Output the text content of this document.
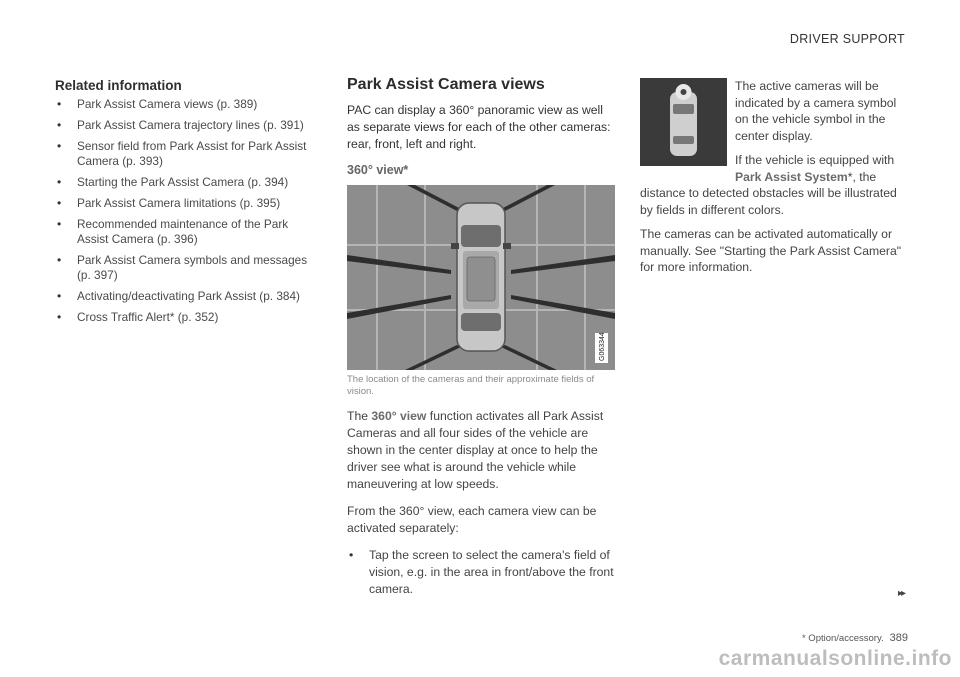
DRIVER SUPPORT
Related information
• Park Assist Camera views (p. 389)
• Park Assist Camera trajectory lines (p. 391)
• Sensor field from Park Assist for Park Assist Camera (p. 393)
• Starting the Park Assist Camera (p. 394)
• Park Assist Camera limitations (p. 395)
• Recommended maintenance of the Park Assist Camera (p. 396)
• Park Assist Camera symbols and messages (p. 397)
• Activating/deactivating Park Assist (p. 384)
• Cross Traffic Alert* (p. 352)
Park Assist Camera views

PAC can display a 360° panoramic view as well as separate views for each of the other cameras: rear, front, left and right.

360° view*
G063344

The location of the cameras and their approximate fields of vision.

The 360° view function activates all Park Assist Cameras and all four sides of the vehicle are shown in the center display at once to help the driver see what is around the vehicle while maneuvering at low speeds.

From the 360° view, each camera view can be activated separately:

• Tap the screen to select the camera's field of vision, e.g. in the area in front/above the front camera.

The active cameras will be indicated by a camera symbol on the vehicle symbol in the center display.

If the vehicle is equipped with Park Assist System*, the distance to detected obstacles will be illustrated by fields in different colors.

The cameras can be activated automatically or manually. See "Starting the Park Assist Camera" for more information.

▸▸
* Option/accessory. 389
carmanualsonline.info
